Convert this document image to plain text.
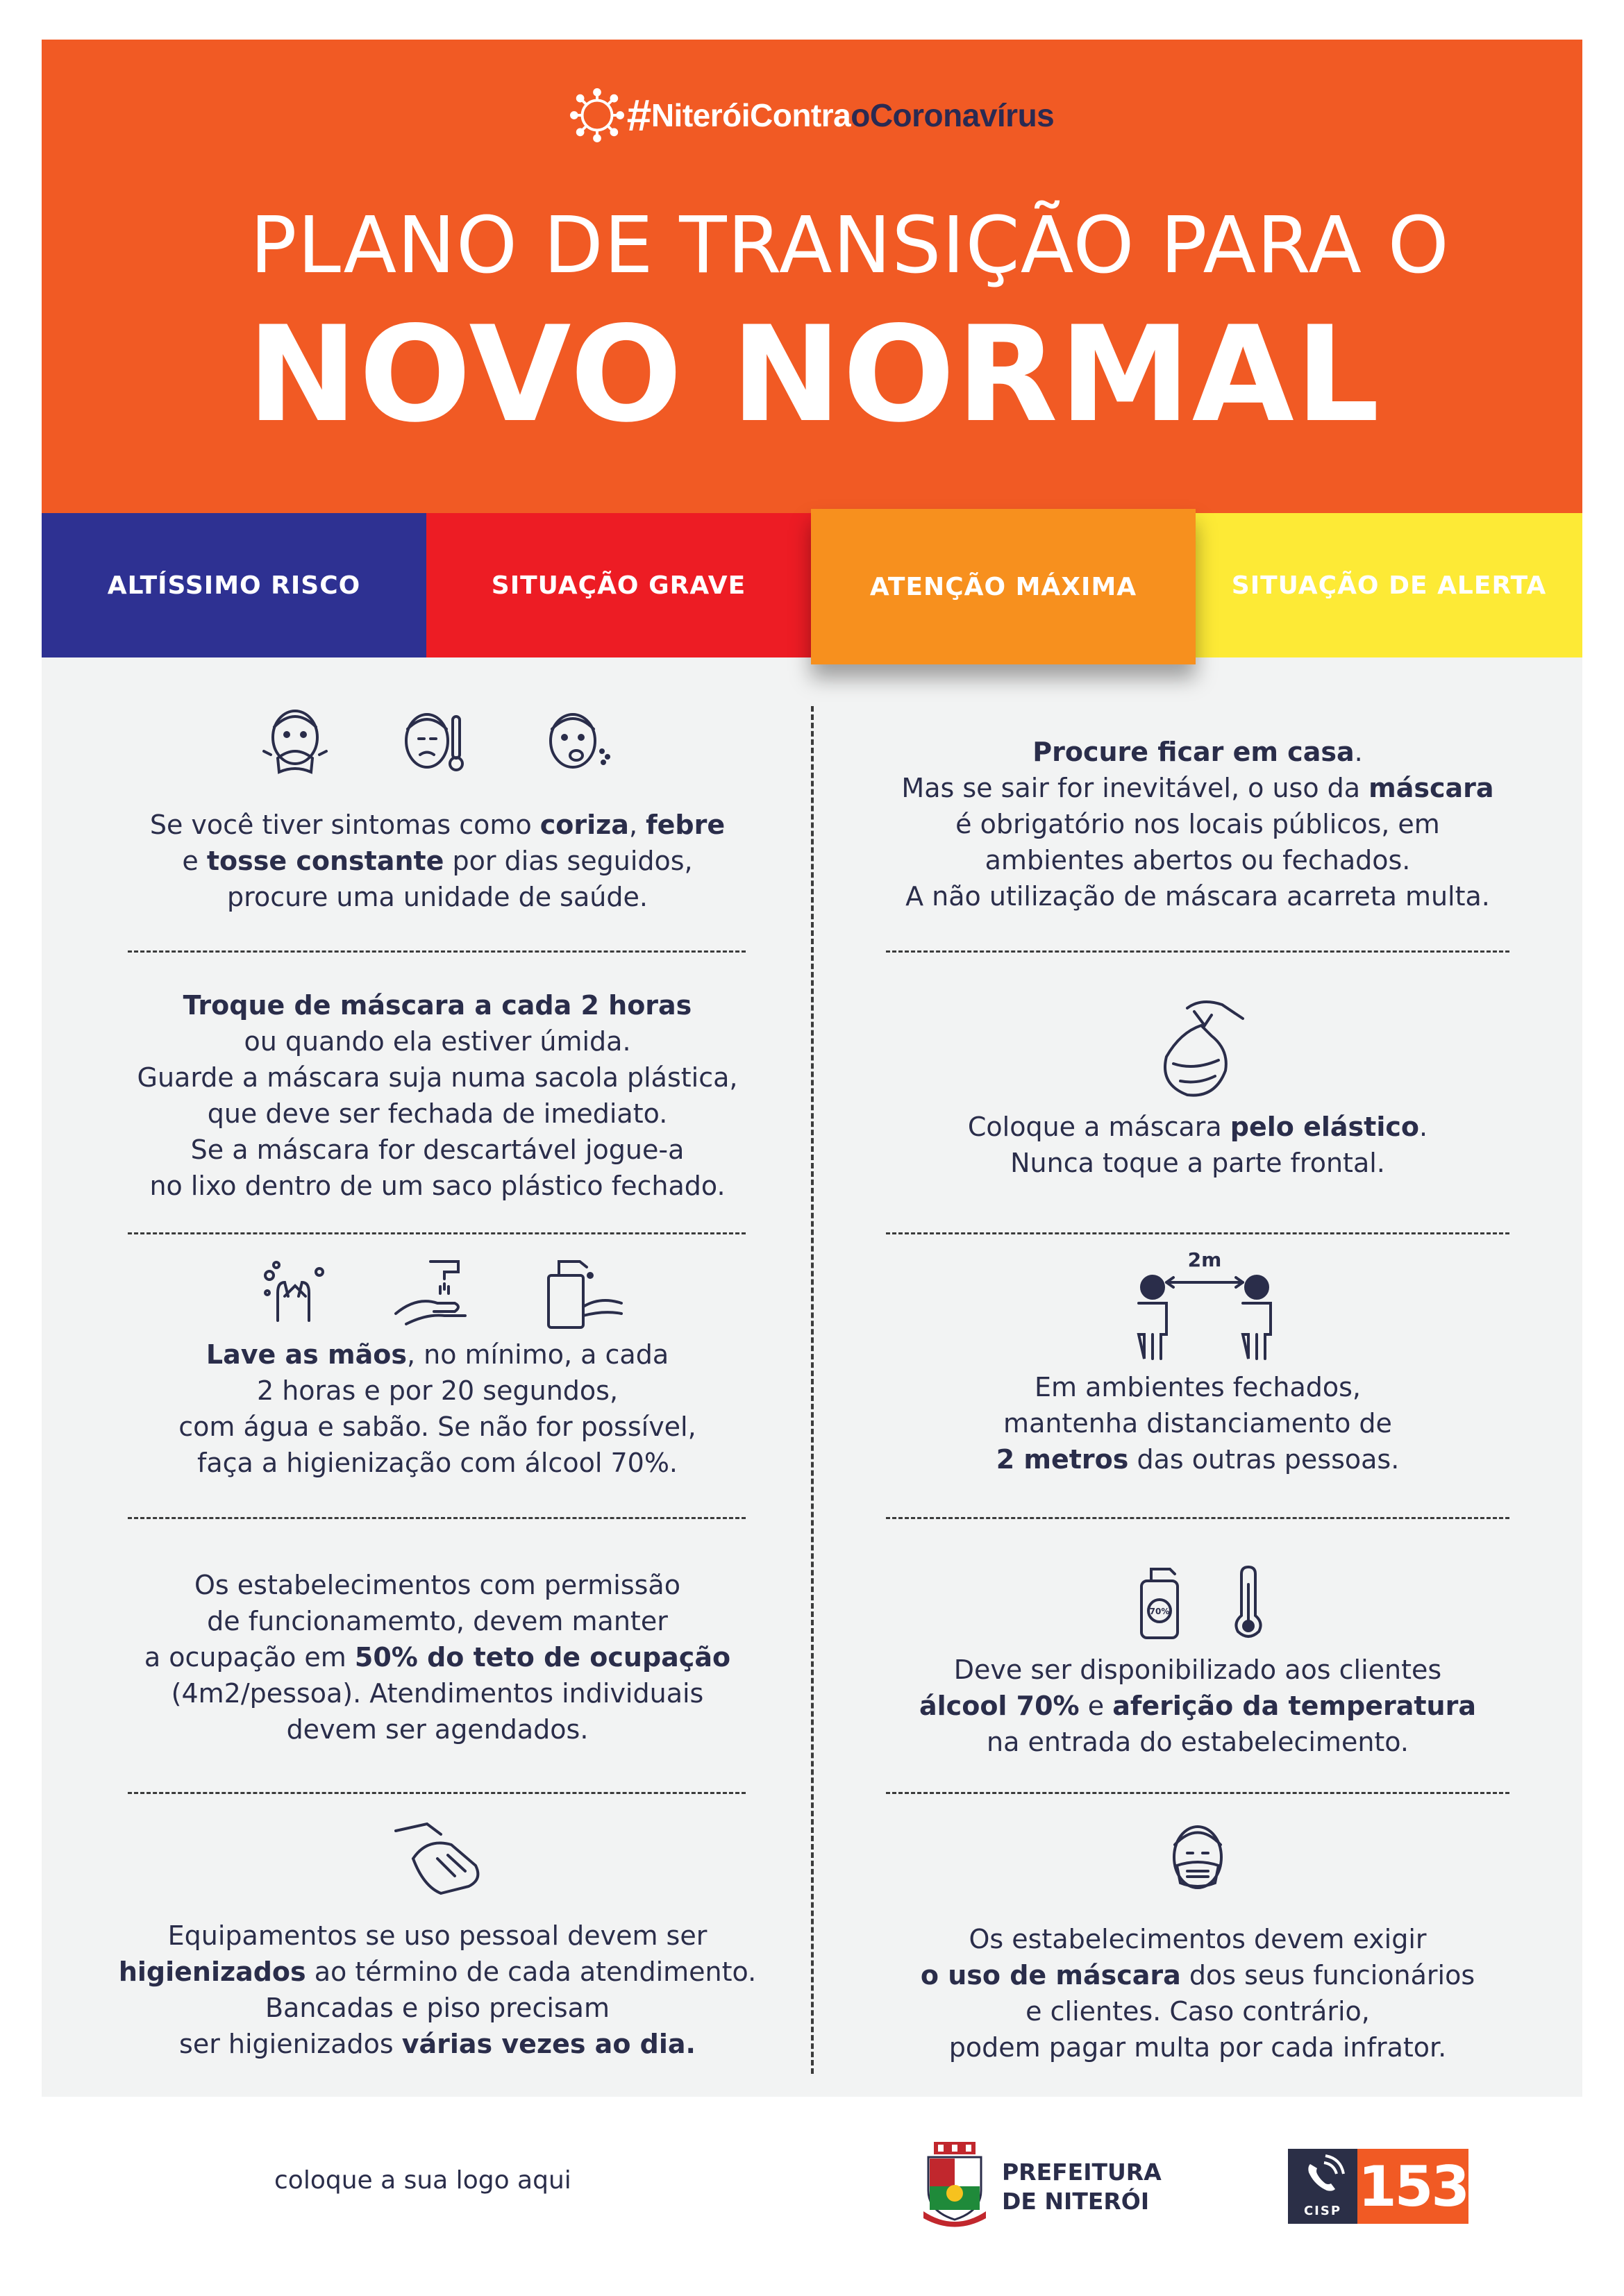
#NiteróiContraoCoronavírus
PLANO DE TRANSIÇÃO PARA O
NOVO NORMAL
ALTÍSSIMO RISCO	SITUAÇÃO GRAVE	ATENÇÃO MÁXIMA	SITUAÇÃO DE ALERTA
Se você tiver sintomas como coriza, febre
e tosse constante por dias seguidos,
procure uma unidade de saúde.
Troque de máscara a cada 2 horas
ou quando ela estiver úmida.
Guarde a máscara suja numa sacola plástica,
que deve ser fechada de imediato.
Se a máscara for descartável jogue-a
no lixo dentro de um saco plástico fechado.
Lave as mãos, no mínimo, a cada
2 horas e por 20 segundos,
com água e sabão. Se não for possível,
faça a higienização com álcool 70%.
Os estabelecimentos com permissão
de funcionamemto, devem manter
a ocupação em 50% do teto de ocupação
(4m2/pessoa). Atendimentos individuais
devem ser agendados.
Equipamentos se uso pessoal devem ser
higienizados ao término de cada atendimento.
Bancadas e piso precisam
ser higienizados várias vezes ao dia.
Procure ficar em casa.
Mas se sair for inevitável, o uso da máscara
é obrigatório nos locais públicos, em
ambientes abertos ou fechados.
A não utilização de máscara acarreta multa.
Coloque a máscara pelo elástico.
Nunca toque a parte frontal.
2m
Em ambientes fechados,
mantenha distanciamento de
2 metros das outras pessoas.
70%
Deve ser disponibilizado aos clientes
álcool 70% e aferição da temperatura
na entrada do estabelecimento.
Os estabelecimentos devem exigir
o uso de máscara dos seus funcionários
e clientes. Caso contrário,
podem pagar multa por cada infrator.
coloque a sua logo aqui	PREFEITURA
DE NITERÓI	CISP 153
